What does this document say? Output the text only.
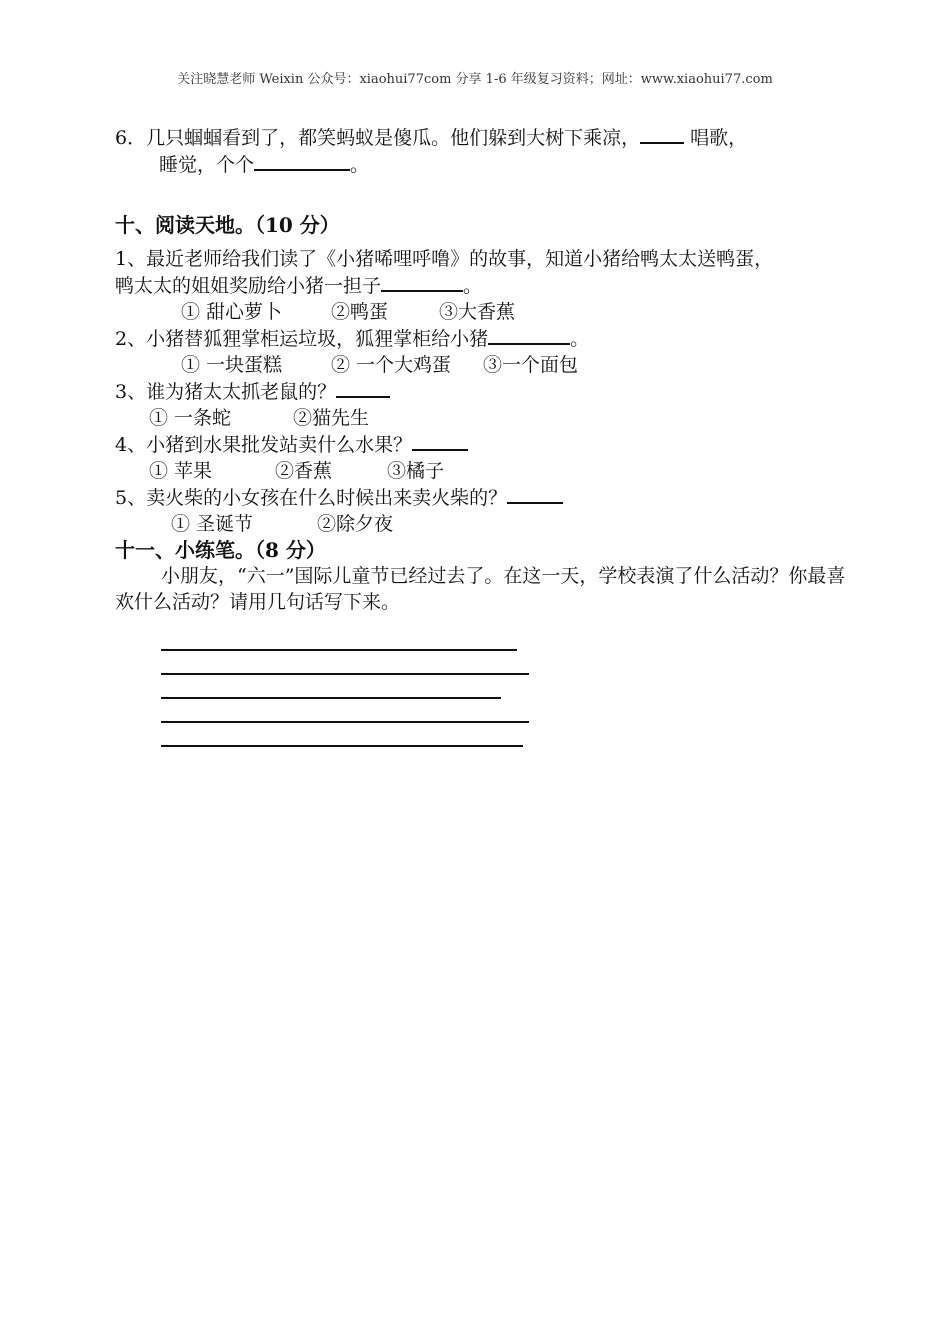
关注晓慧老师 Weixin 公众号：xiaohui77com 分享 1-6 年级复习资料；网址：www.xiaohui77.com

6．几只蝈蝈看到了，都笑蚂蚁是傻瓜。他们躲到大树下乘凉， 唱歌，

睡觉，个个	。

十、阅读天地。（10 分）

1、最近老师给我们读了《小猪唏哩呼噜》的故事，知道小猪给鸭太太送鸭蛋，

鸭太太的姐姐奖励给小猪一担子	。

① 甜心萝卜	②鸭蛋	③大香蕉

2、小猪替狐狸掌柜运垃圾，狐狸掌柜给小猪	。

① 一块蛋糕	② 一个大鸡蛋 ③一个面包

3、谁为猪太太抓老鼠的？

① 一条蛇	②猫先生

4、小猪到水果批发站卖什么水果？

① 苹果	②香蕉	③橘子

5、卖火柴的小女孩在什么时候出来卖火柴的？

① 圣诞节	②除夕夜

十一、小练笔。（8 分）

小朋友，“六一”国际儿童节已经过去了。在这一天，学校表演了什么活动？你最喜欢什么活动？请用几句话写下来。
